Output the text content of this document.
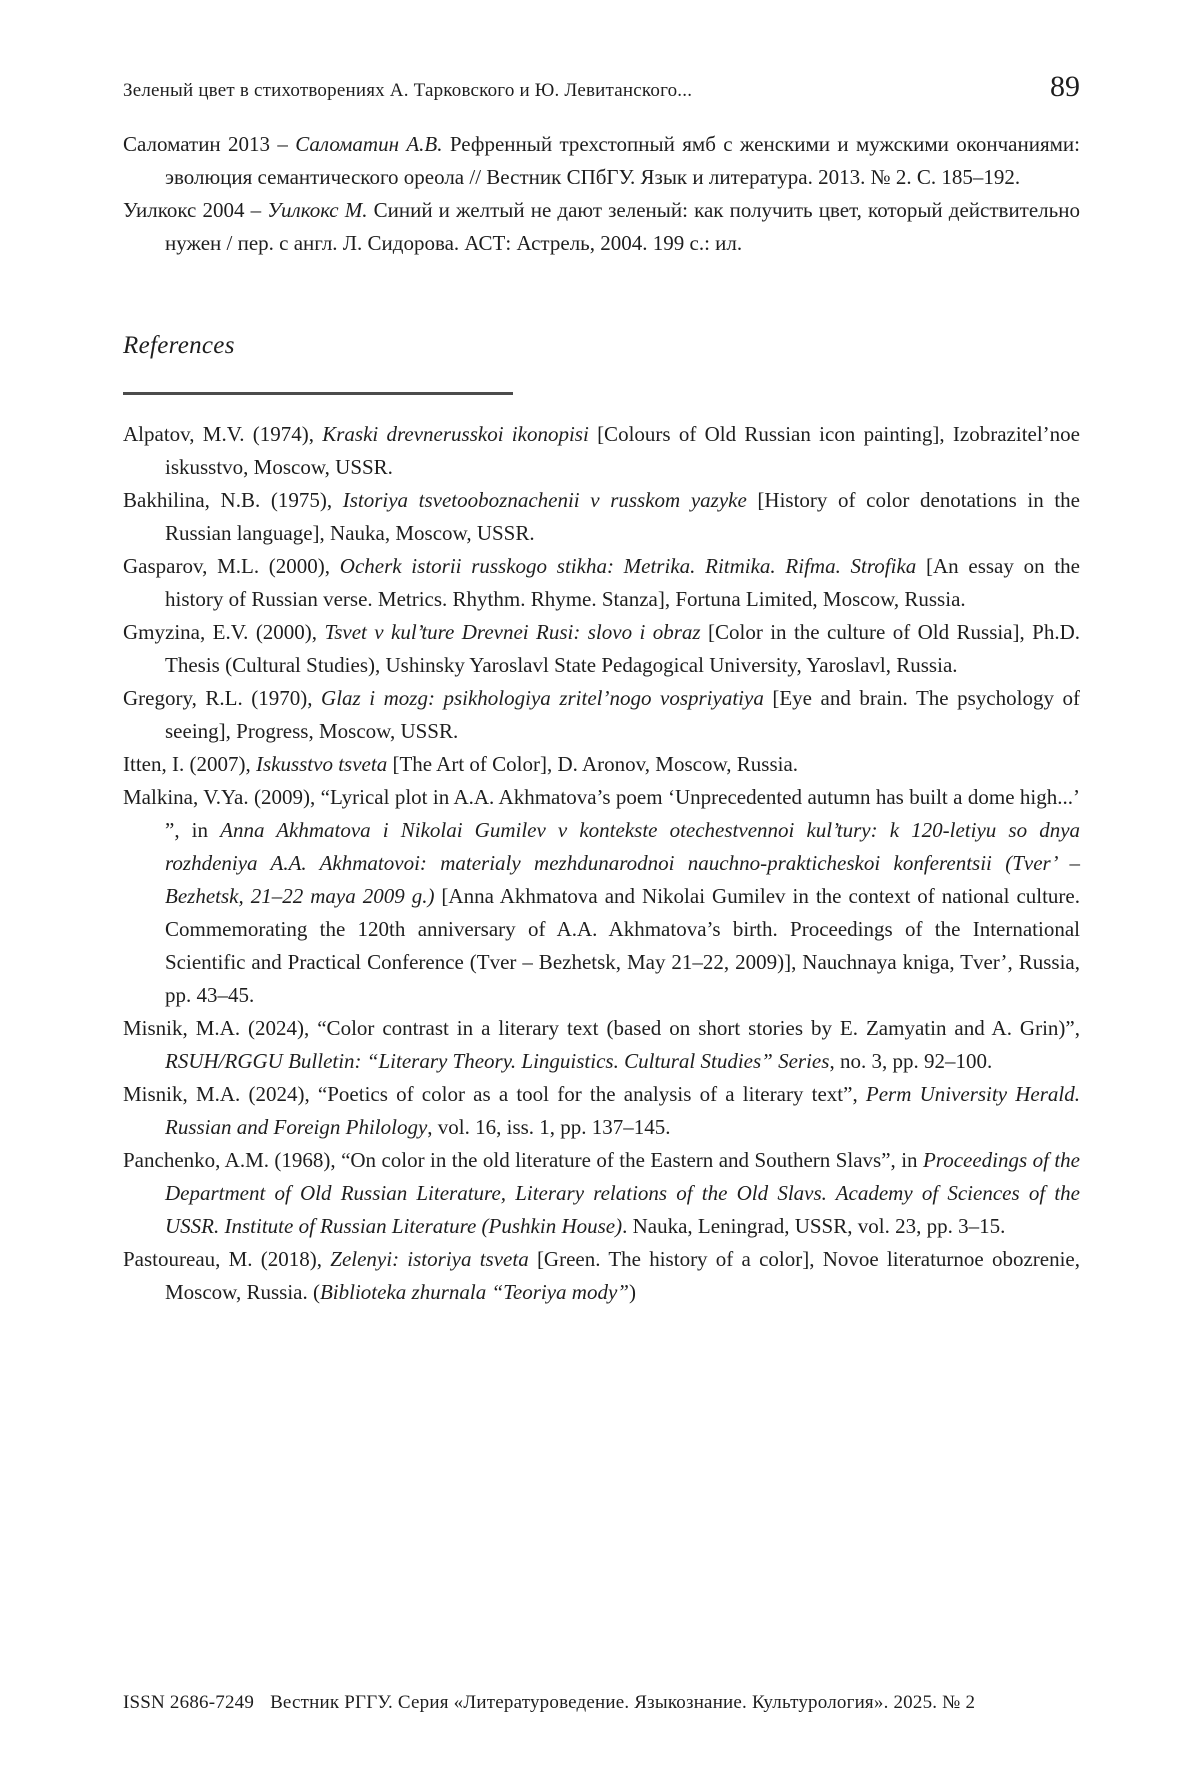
Зеленый цвет в стихотворениях А. Тарковского и Ю. Левитанского...	89

Саломатин 2013 – Саломатин А.В. Рефренный трехстопный ямб с женскими и мужскими окончаниями: эволюция семантического ореола // Вестник СПбГУ. Язык и литература. 2013. № 2. С. 185–192.

Уилкокс 2004 – Уилкокс М. Синий и желтый не дают зеленый: как получить цвет, который действительно нужен / пер. с англ. Л. Сидорова. АСТ: Астрель, 2004. 199 с.: ил.

References

Alpatov, M.V. (1974), Kraski drevnerusskoi ikonopisi [Colours of Old Russian icon painting], Izobrazitel’noe iskusstvo, Moscow, USSR.

Bakhilina, N.B. (1975), Istoriya tsvetooboznachenii v russkom yazyke [History of color denotations in the Russian language], Nauka, Moscow, USSR.

Gasparov, M.L. (2000), Ocherk istorii russkogo stikha: Metrika. Ritmika. Rifma. Strofika [An essay on the history of Russian verse. Metrics. Rhythm. Rhyme. Stanza], Fortuna Limited, Moscow, Russia.

Gmyzina, E.V. (2000), Tsvet v kul’ture Drevnei Rusi: slovo i obraz [Color in the culture of Old Russia], Ph.D. Thesis (Cultural Studies), Ushinsky Yaroslavl State Pedagogical University, Yaroslavl, Russia.

Gregory, R.L. (1970), Glaz i mozg: psikhologiya zritel’nogo vospriyatiya [Eye and brain. The psychology of seeing], Progress, Moscow, USSR.

Itten, I. (2007), Iskusstvo tsveta [The Art of Color], D. Aronov, Moscow, Russia.

Malkina, V.Ya. (2009), “Lyrical plot in A.A. Akhmatova’s poem ‘Unprecedented autumn has built a dome high...’ ”, in Anna Akhmatova i Nikolai Gumilev v kontekste otechestvennoi kul’tury: k 120-letiyu so dnya rozhdeniya A.A. Akhmatovoi: materialy mezhdunarodnoi nauchno-prakticheskoi konferentsii (Tver’ – Bezhetsk, 21–22 maya 2009 g.) [Anna Akhmatova and Nikolai Gumilev in the context of national culture. Commemorating the 120th anniversary of A.A. Akhmatova’s birth. Proceedings of the International Scientific and Practical Conference (Tver – Bezhetsk, May 21–22, 2009)], Nauchnaya kniga, Tver’, Russia, pp. 43–45.

Misnik, M.A. (2024), “Color contrast in a literary text (based on short stories by E. Zamyatin and A. Grin)”, RSUH/RGGU Bulletin: “Literary Theory. Linguistics. Cultural Studies” Series, no. 3, pp. 92–100.

Misnik, M.A. (2024), “Poetics of color as a tool for the analysis of a literary text”, Perm University Herald. Russian and Foreign Philology, vol. 16, iss. 1, pp. 137–145.

Panchenko, A.M. (1968), “On color in the old literature of the Eastern and Southern Slavs”, in Proceedings of the Department of Old Russian Literature, Literary relations of the Old Slavs. Academy of Sciences of the USSR. Institute of Russian Literature (Pushkin House). Nauka, Leningrad, USSR, vol. 23, pp. 3–15.

Pastoureau, M. (2018), Zelenyi: istoriya tsveta [Green. The history of a color], Novoe literaturnoe obozrenie, Moscow, Russia. (Biblioteka zhurnala “Teoriya mody”)

ISSN 2686-7249 Вестник РГГУ. Серия «Литературоведение. Языкознание. Культурология». 2025. № 2
